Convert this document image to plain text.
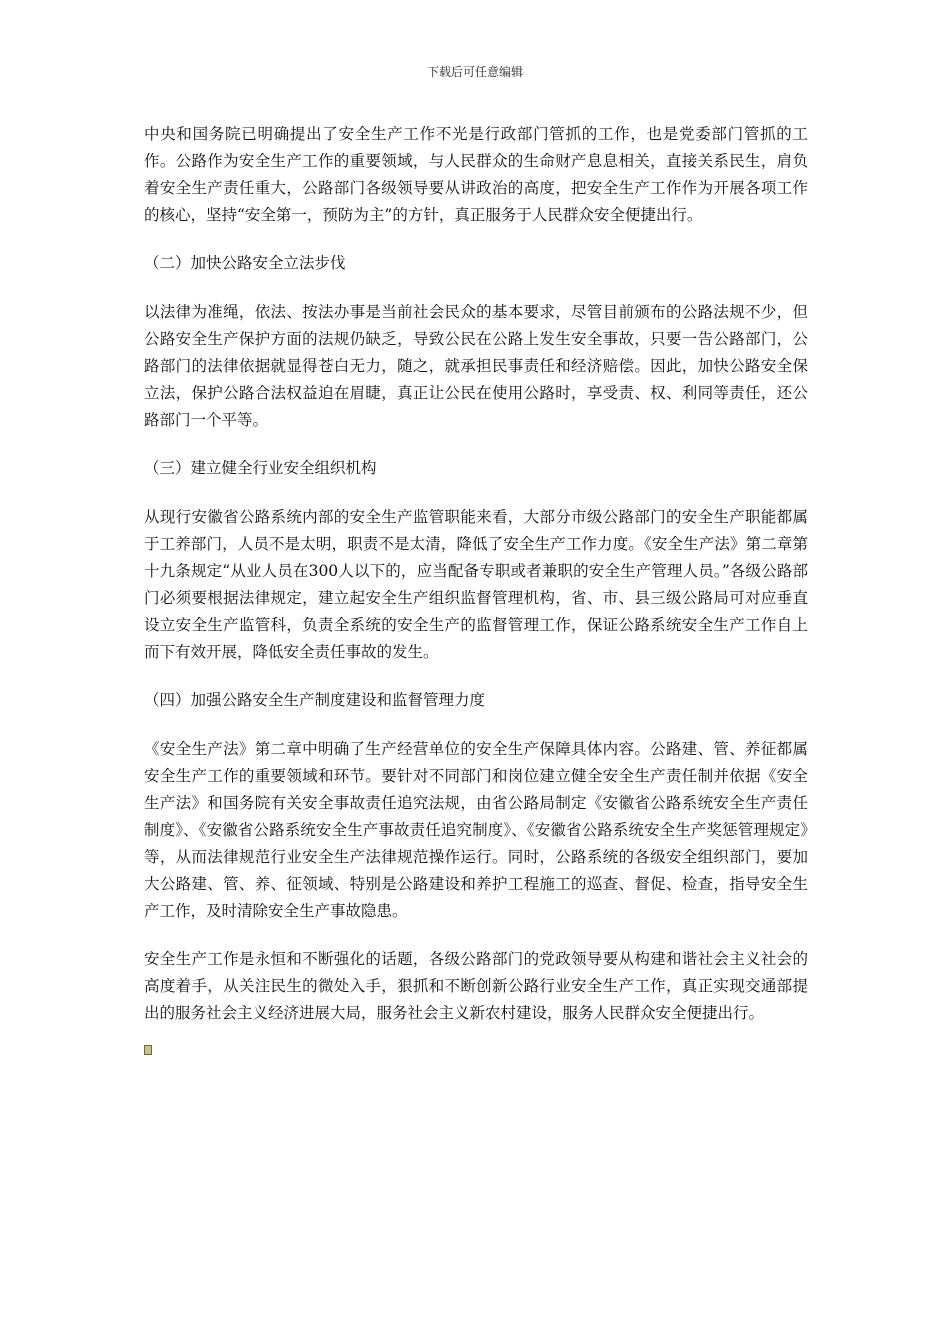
下载后可任意编辑

中央和国务院已明确提出了安全生产工作不光是行政部门管抓的工作，也是党委部门管抓的工作。公路作为安全生产工作的重要领域，与人民群众的生命财产息息相关，直接关系民生，肩负着安全生产责任重大，公路部门各级领导要从讲政治的高度，把安全生产工作作为开展各项工作的核心，坚持“安全第一，预防为主”的方针，真正服务于人民群众安全便捷出行。

（二）加快公路安全立法步伐

以法律为准绳，依法、按法办事是当前社会民众的基本要求，尽管目前颁布的公路法规不少，但公路安全生产保护方面的法规仍缺乏，导致公民在公路上发生安全事故，只要一告公路部门，公路部门的法律依据就显得苍白无力，随之，就承担民事责任和经济赔偿。因此，加快公路安全保立法，保护公路合法权益迫在眉睫，真正让公民在使用公路时，享受责、权、利同等责任，还公路部门一个平等。

（三）建立健全行业安全组织机构

从现行安徽省公路系统内部的安全生产监管职能来看，大部分市级公路部门的安全生产职能都属于工养部门，人员不是太明，职责不是太清，降低了安全生产工作力度。《安全生产法》第二章第十九条规定“从业人员在300人以下的，应当配备专职或者兼职的安全生产管理人员。”各级公路部门必须要根据法律规定，建立起安全生产组织监督管理机构，省、市、县三级公路局可对应垂直设立安全生产监管科，负责全系统的安全生产的监督管理工作，保证公路系统安全生产工作自上而下有效开展，降低安全责任事故的发生。

（四）加强公路安全生产制度建设和监督管理力度

《安全生产法》第二章中明确了生产经营单位的安全生产保障具体内容。公路建、管、养征都属安全生产工作的重要领域和环节。要针对不同部门和岗位建立健全安全生产责任制并依据《安全生产法》和国务院有关安全事故责任追究法规，由省公路局制定《安徽省公路系统安全生产责任制度》、《安徽省公路系统安全生产事故责任追究制度》、《安徽省公路系统安全生产奖惩管理规定》等，从而法律规范行业安全生产法律规范操作运行。同时，公路系统的各级安全组织部门，要加大公路建、管、养、征领域、特别是公路建设和养护工程施工的巡查、督促、检查，指导安全生产工作，及时清除安全生产事故隐患。

安全生产工作是永恒和不断强化的话题，各级公路部门的党政领导要从构建和谐社会主义社会的高度着手，从关注民生的微处入手，狠抓和不断创新公路行业安全生产工作，真正实现交通部提出的服务社会主义经济进展大局，服务社会主义新农村建设，服务人民群众安全便捷出行。
